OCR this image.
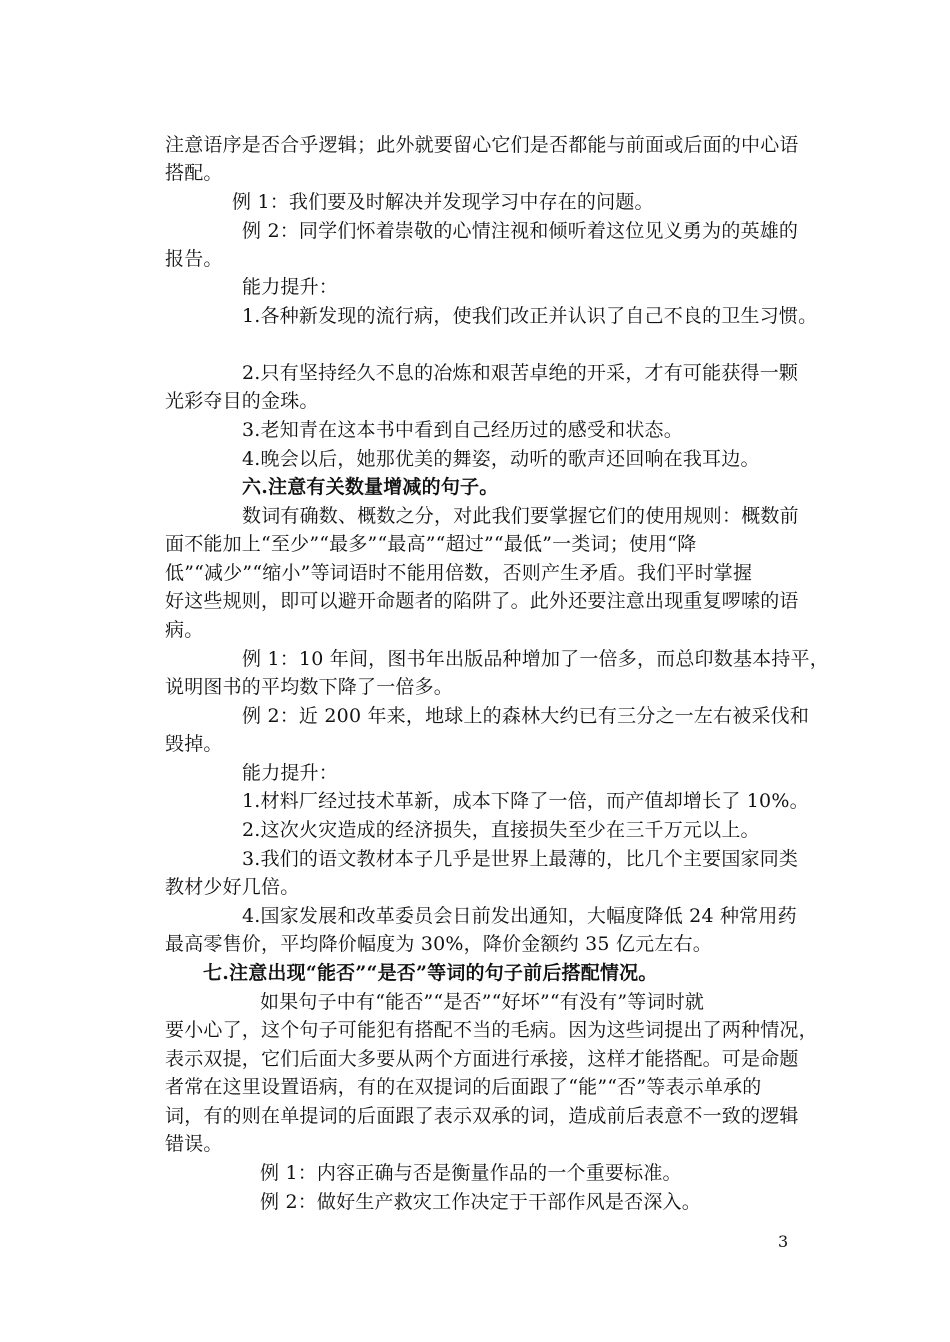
注意语序是否合乎逻辑；此外就要留心它们是否都能与前面或后面的中心语
搭配。
例 1：我们要及时解决并发现学习中存在的问题。
例 2：同学们怀着崇敬的心情注视和倾听着这位见义勇为的英雄的
报告。
能力提升：
1.各种新发现的流行病，使我们改正并认识了自己不良的卫生习惯。
2.只有坚持经久不息的冶炼和艰苦卓绝的开采，才有可能获得一颗
光彩夺目的金珠。
3.老知青在这本书中看到自己经历过的感受和状态。
4.晚会以后，她那优美的舞姿，动听的歌声还回响在我耳边。
六.注意有关数量增减的句子。
数词有确数、概数之分，对此我们要掌握它们的使用规则：概数前
面不能加上“至少”“最多”“最高”“超过”“最低”一类词；使用“降
低”“减少”“缩小”等词语时不能用倍数，否则产生矛盾。我们平时掌握
好这些规则，即可以避开命题者的陷阱了。此外还要注意出现重复啰嗦的语
病。
例 1：10 年间，图书年出版品种增加了一倍多，而总印数基本持平，
说明图书的平均数下降了一倍多。
例 2：近 200 年来，地球上的森林大约已有三分之一左右被采伐和
毁掉。
能力提升：
1.材料厂经过技术革新，成本下降了一倍，而产值却增长了 10%。
2.这次火灾造成的经济损失，直接损失至少在三千万元以上。
3.我们的语文教材本子几乎是世界上最薄的，比几个主要国家同类
教材少好几倍。
4.国家发展和改革委员会日前发出通知，大幅度降低 24 种常用药
最高零售价，平均降价幅度为 30%，降价金额约 35 亿元左右。
七.注意出现“能否”“是否”等词的句子前后搭配情况。
如果句子中有“能否”“是否”“好坏”“有没有”等词时就
要小心了，这个句子可能犯有搭配不当的毛病。因为这些词提出了两种情况，
表示双提，它们后面大多要从两个方面进行承接，这样才能搭配。可是命题
者常在这里设置语病，有的在双提词的后面跟了“能”“否”等表示单承的
词，有的则在单提词的后面跟了表示双承的词，造成前后表意不一致的逻辑
错误。
例 1：内容正确与否是衡量作品的一个重要标准。
例 2：做好生产救灾工作决定于干部作风是否深入。
3
